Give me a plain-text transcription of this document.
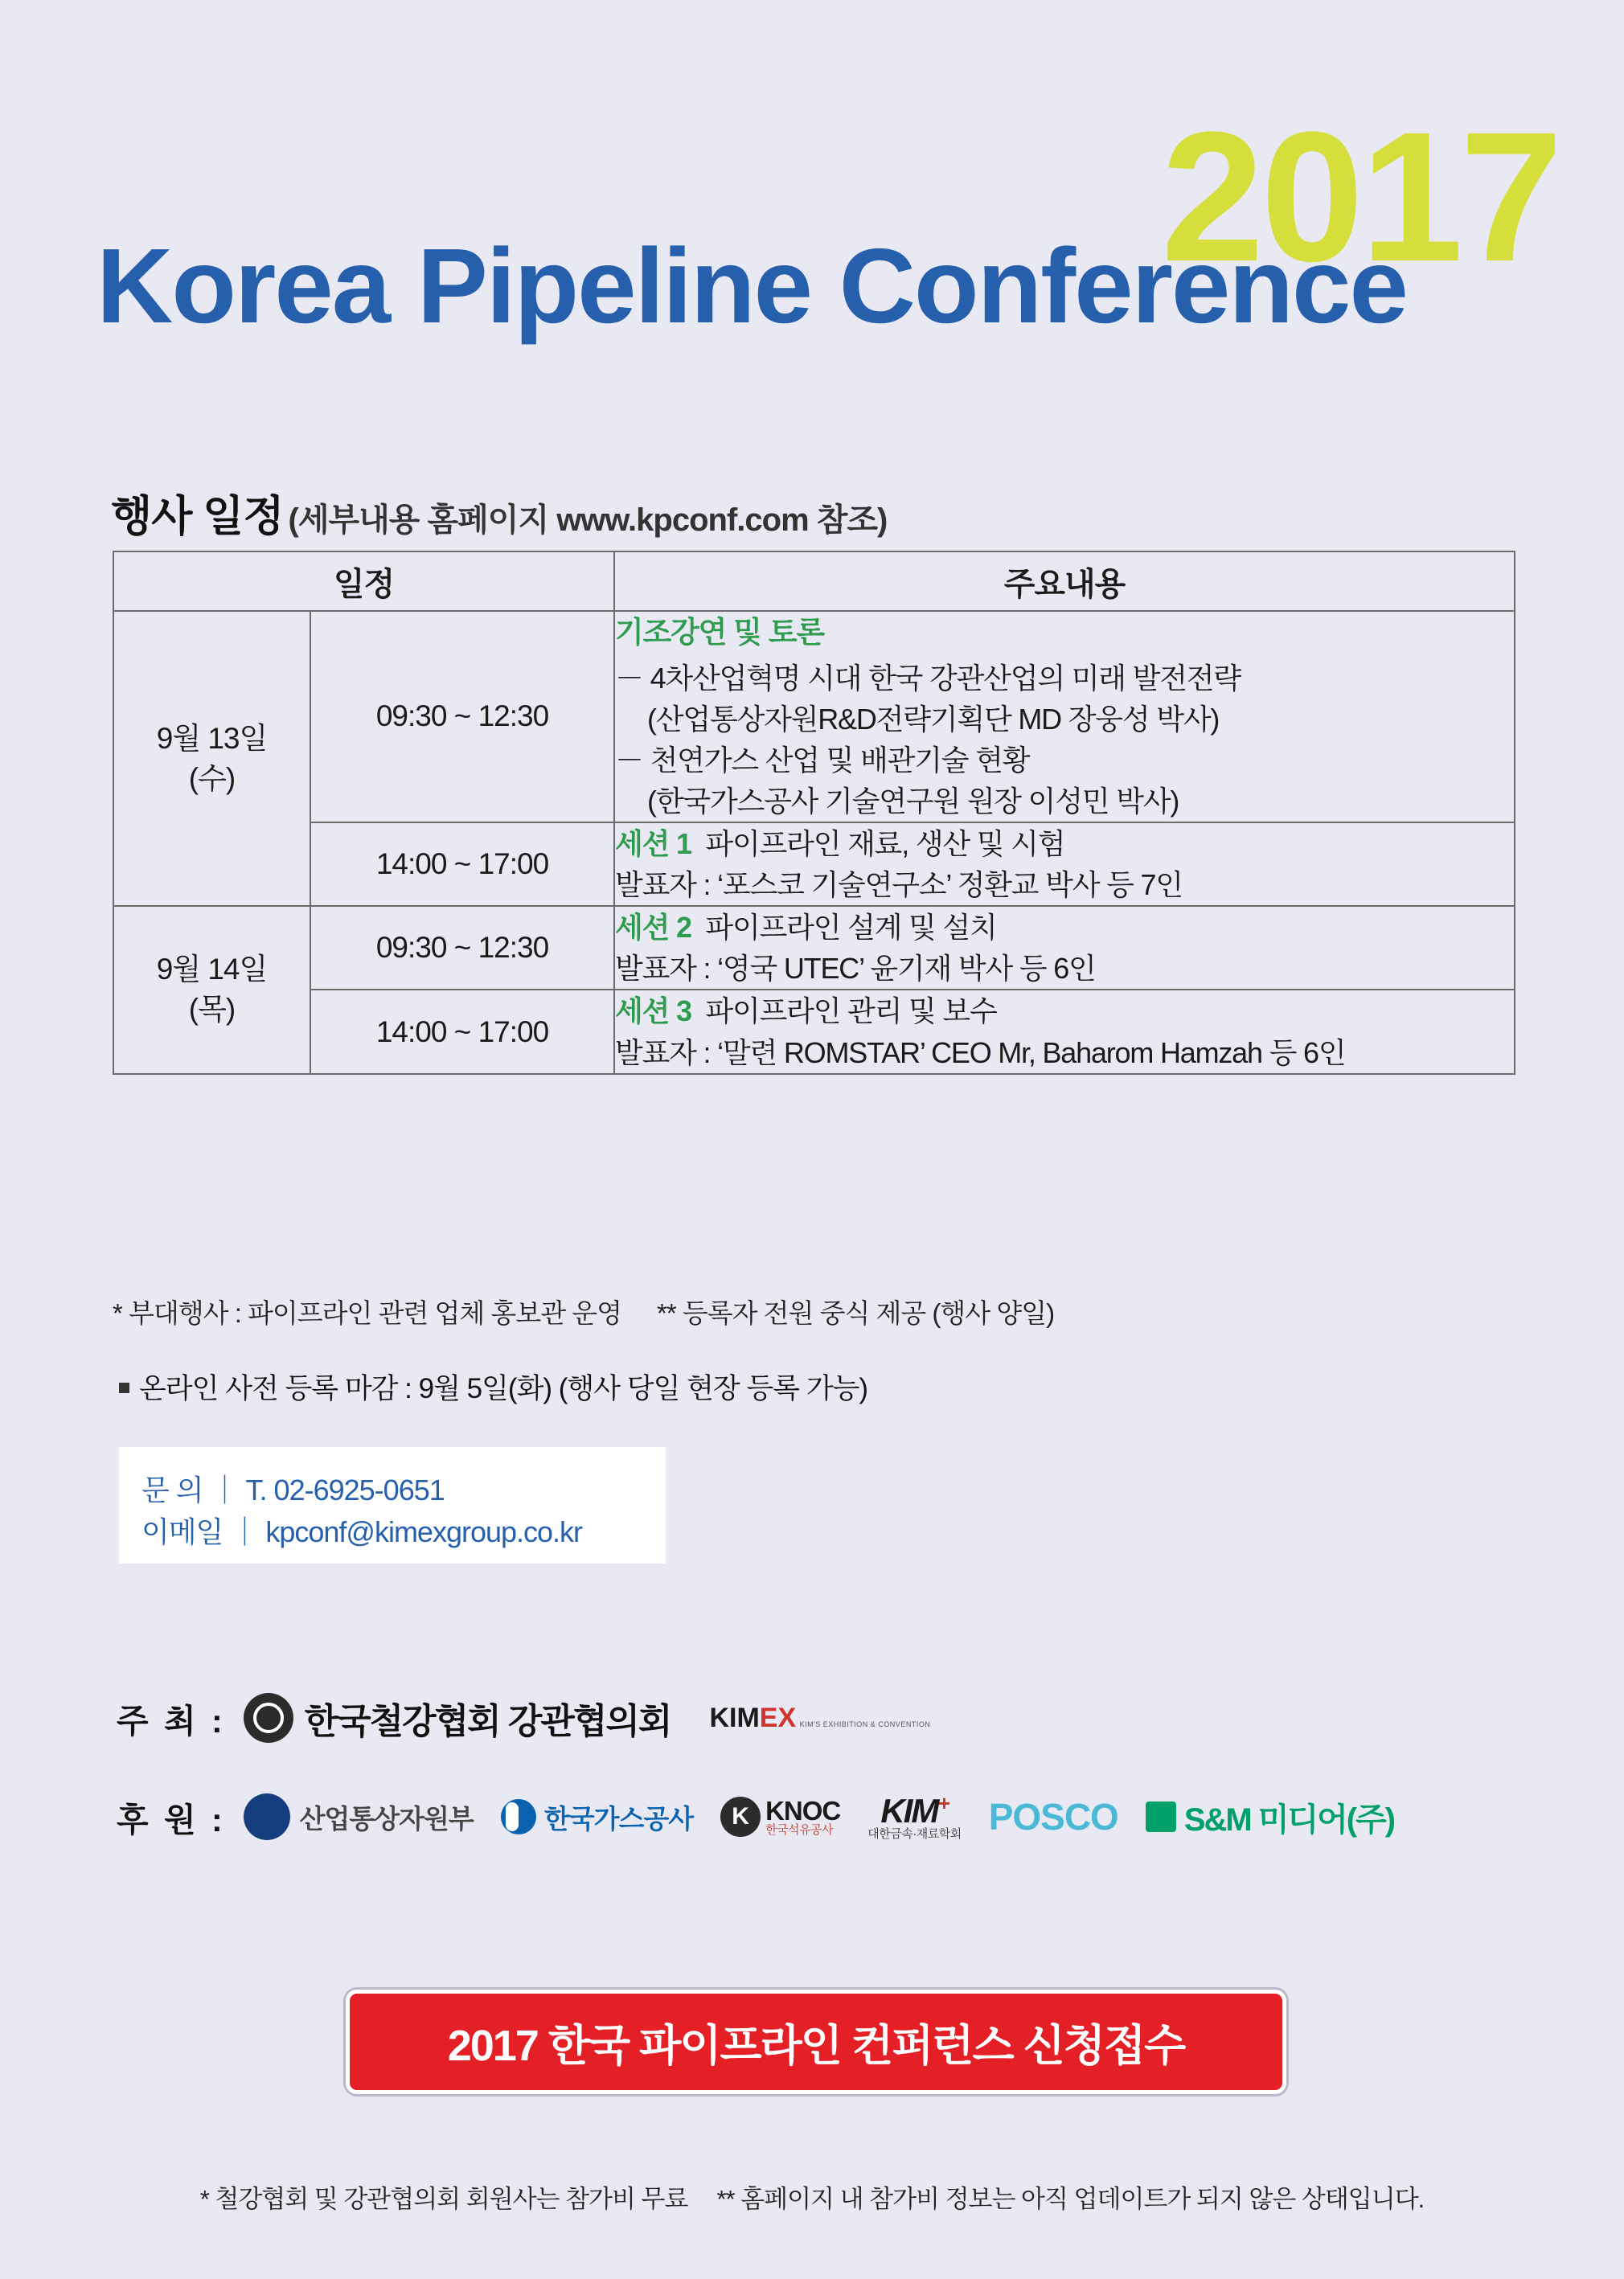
2017
Korea Pipeline Conference
행사 일정 (세부내용 홈페이지 www.kpconf.com 참조)
일정		주요내용
9월 13일
(수)	09:30 ~ 12:30	기조강연 및 토론
－ 4차산업혁명 시대 한국 강관산업의 미래 발전전략
(산업통상자원R&D전략기획단 MD 장웅성 박사)
－ 천연가스 산업 및 배관기술 현황
(한국가스공사 기술연구원 원장 이성민 박사)

	14:00 ~ 17:00	세션 1 파이프라인 재료, 생산 및 시험
발표자 : ‘포스코 기술연구소’ 정환교 박사 등 7인

9월 14일
(목)	09:30 ~ 12:30	세션 2 파이프라인 설계 및 설치
발표자 : ‘영국 UTEC’ 윤기재 박사 등 6인

	14:00 ~ 17:00	세션 3 파이프라인 관리 및 보수
발표자 : ‘말련 ROMSTAR’ CEO Mr, Baharom Hamzah 등 6인
* 부대행사 : 파이프라인 관련 업체 홍보관 운영 ** 등록자 전원 중식 제공 (행사 양일)
온라인 사전 등록 마감 : 9월 5일(화) (행사 당일 현장 등록 가능)
문 의 ｜ T. 02-6925-0651
이메일 ｜ kpconf@kimexgroup.co.kr
주 최 : 한국철강협회 강관협의회 KIMEX KIM'S EXHIBITION & CONVENTION
후 원 :	산업통상자원부	한국가스공사	K KNOC
한국석유공사	KIM+
대한금속·재료학회 POSCO S&M 미디어(주)
2017 한국 파이프라인 컨퍼런스 신청접수
* 철강협회 및 강관협의회 회원사는 참가비 무료 ** 홈페이지 내 참가비 정보는 아직 업데이트가 되지 않은 상태입니다.
